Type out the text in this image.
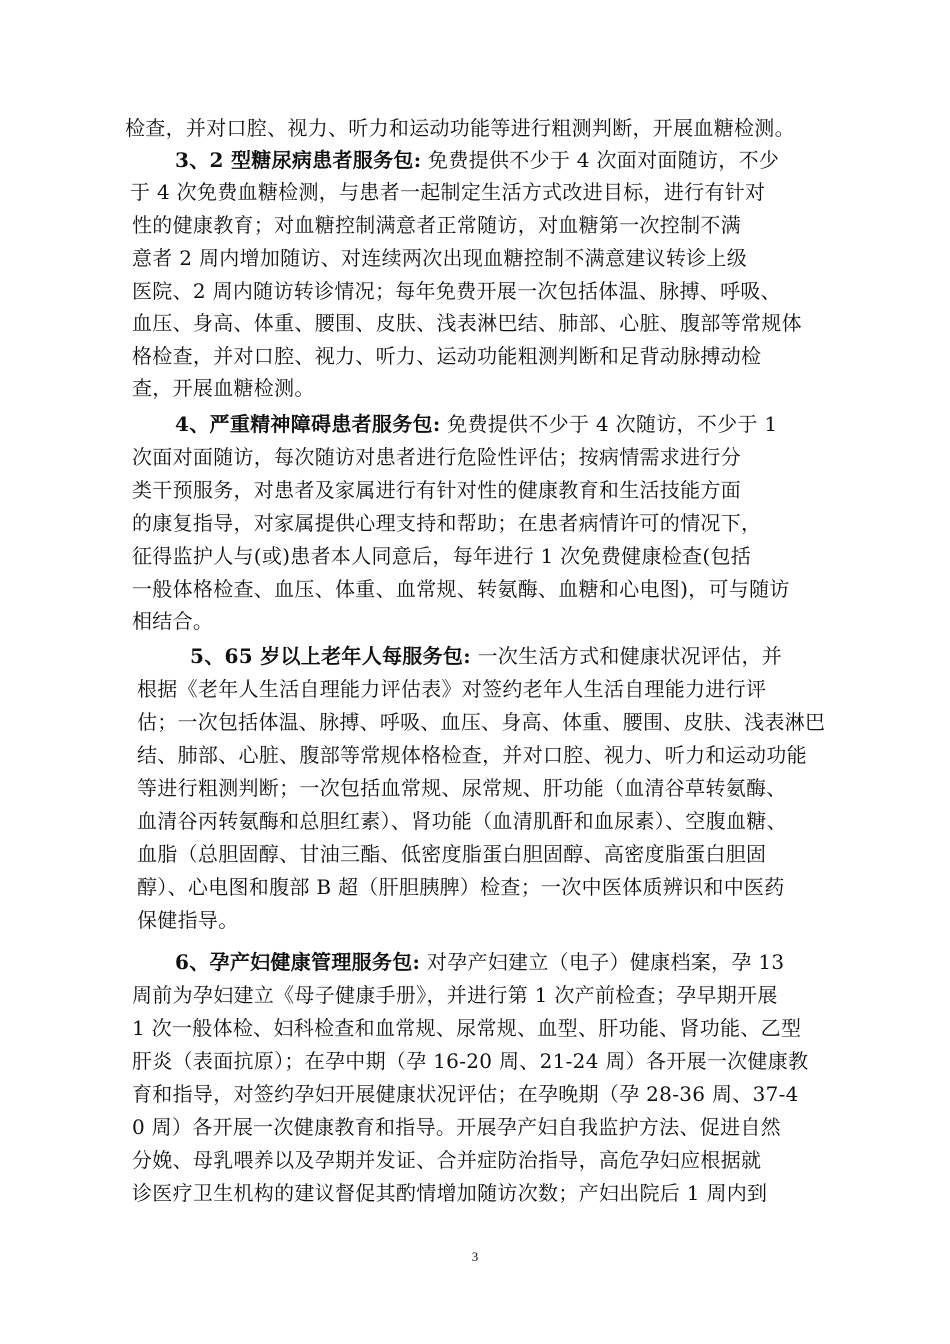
检查，并对口腔、视力、听力和运动功能等进行粗测判断，开展血糖检测。
3、2 型糖尿病患者服务包: 免费提供不少于 4 次面对面随访，不少
于 4 次免费血糖检测，与患者一起制定生活方式改进目标，进行有针对
性的健康教育；对血糖控制满意者正常随访，对血糖第一次控制不满
意者 2 周内增加随访、对连续两次出现血糖控制不满意建议转诊上级
医院、2 周内随访转诊情况；每年免费开展一次包括体温、脉搏、呼吸、
血压、身高、体重、腰围、皮肤、浅表淋巴结、肺部、心脏、腹部等常规体
格检查，并对口腔、视力、听力、运动功能粗测判断和足背动脉搏动检
查，开展血糖检测。
4、严重精神障碍患者服务包: 免费提供不少于 4 次随访，不少于 1
次面对面随访，每次随访对患者进行危险性评估；按病情需求进行分
类干预服务，对患者及家属进行有针对性的健康教育和生活技能方面
的康复指导，对家属提供心理支持和帮助；在患者病情许可的情况下，
征得监护人与(或)患者本人同意后，每年进行 1 次免费健康检查(包括
一般体格检查、血压、体重、血常规、转氨酶、血糖和心电图)，可与随访
相结合。
5、65 岁以上老年人每服务包: 一次生活方式和健康状况评估，并
根据《老年人生活自理能力评估表》对签约老年人生活自理能力进行评
估；一次包括体温、脉搏、呼吸、血压、身高、体重、腰围、皮肤、浅表淋巴
结、肺部、心脏、腹部等常规体格检查，并对口腔、视力、听力和运动功能
等进行粗测判断；一次包括血常规、尿常规、肝功能（血清谷草转氨酶、
血清谷丙转氨酶和总胆红素）、肾功能（血清肌酐和血尿素）、空腹血糖、
血脂（总胆固醇、甘油三酯、低密度脂蛋白胆固醇、高密度脂蛋白胆固
醇）、心电图和腹部 B 超（肝胆胰脾）检查；一次中医体质辨识和中医药
保健指导。
6、孕产妇健康管理服务包: 对孕产妇建立（电子）健康档案，孕 13
周前为孕妇建立《母子健康手册》，并进行第 1 次产前检查；孕早期开展
1 次一般体检、妇科检查和血常规、尿常规、血型、肝功能、肾功能、乙型
肝炎（表面抗原）；在孕中期（孕 16-20 周、21-24 周）各开展一次健康教
育和指导，对签约孕妇开展健康状况评估；在孕晚期（孕 28-36 周、37-4
0 周）各开展一次健康教育和指导。开展孕产妇自我监护方法、促进自然
分娩、母乳喂养以及孕期并发证、合并症防治指导，高危孕妇应根据就
诊医疗卫生机构的建议督促其酌情增加随访次数；产妇出院后 1 周内到
3
